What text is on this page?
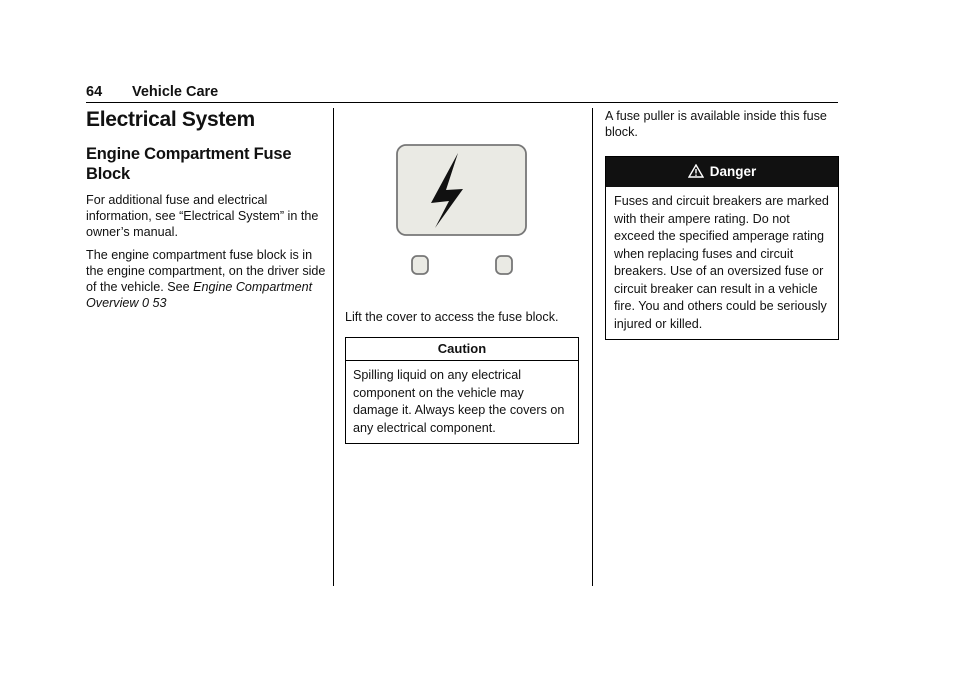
64 Vehicle Care
Electrical System
Engine Compartment Fuse Block

For additional fuse and electrical information, see “Electrical System” in the owner’s manual.

The engine compartment fuse block is in the engine compartment, on the driver side of the vehicle. See Engine Compartment Overview 0 53

Lift the cover to access the fuse block.

Caution
Spilling liquid on any electrical component on the vehicle may damage it. Always keep the covers on any electrical component.

A fuse puller is available inside this fuse block.

Danger
Fuses and circuit breakers are marked with their ampere rating. Do not exceed the specified amperage rating when replacing fuses and circuit breakers. Use of an oversized fuse or circuit breaker can result in a vehicle fire. You and others could be seriously injured or killed.
